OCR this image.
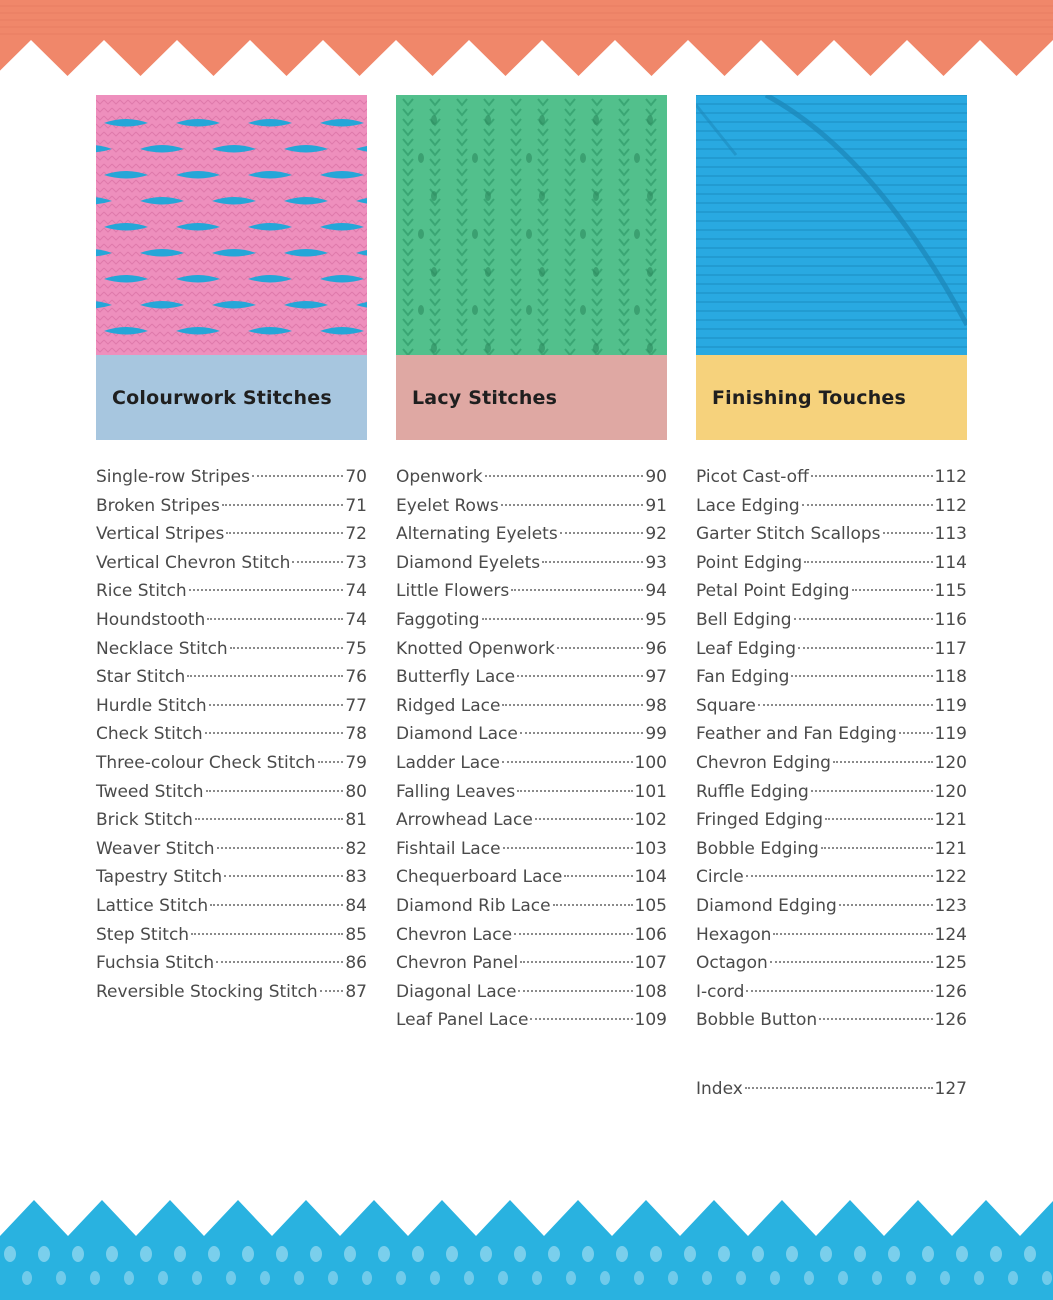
Colourwork Stitches
Single-row Stripes	70
Broken Stripes	71
Vertical Stripes	72
Vertical Chevron Stitch	73
Rice Stitch	74
Houndstooth	74
Necklace Stitch	75
Star Stitch	76
Hurdle Stitch	77
Check Stitch	78
Three-colour Check Stitch 79
Tweed Stitch	80
Brick Stitch	81
Weaver Stitch	82
Tapestry Stitch	83
Lattice Stitch	84
Step Stitch	85
Fuchsia Stitch	86
Reversible Stocking Stitch 87
Lacy Stitches
Openwork	90
Eyelet Rows	91
Alternating Eyelets	92
Diamond Eyelets	93
Little Flowers	94
Faggoting	95
Knotted Openwork	96
Butterfly Lace	97
Ridged Lace	98
Diamond Lace	99
Ladder Lace	100
Falling Leaves	101
Arrowhead Lace	102
Fishtail Lace	103
Chequerboard Lace	104
Diamond Rib Lace	105
Chevron Lace	106
Chevron Panel	107
Diagonal Lace	108
Leaf Panel Lace	109
Finishing Touches
Picot Cast-off	112
Lace Edging	112
Garter Stitch Scallops	113
Point Edging	114
Petal Point Edging	115
Bell Edging	116
Leaf Edging	117
Fan Edging	118
Square	119
Feather and Fan Edging 119
Chevron Edging	120
Ruffle Edging	120
Fringed Edging	121
Bobble Edging	121
Circle	122
Diamond Edging	123
Hexagon	124
Octagon	125
I-cord	126
Bobble Button	126
Index	127
